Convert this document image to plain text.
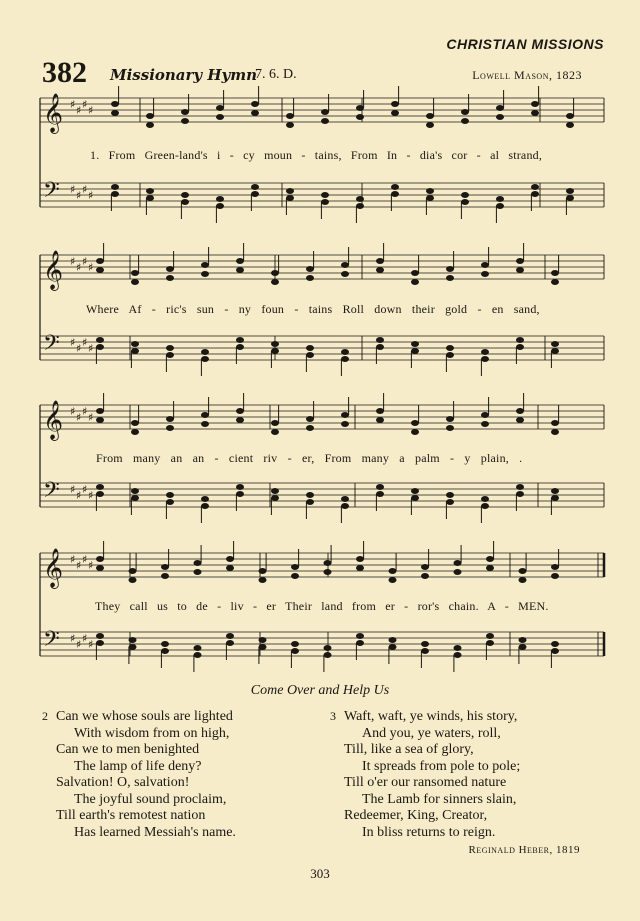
CHRISTIAN MISSIONS
382 Missionary Hymn
7. 6. D.	Lowell Mason, 1823
𝄞 ♯ ♯ ♯ ♯
𝄢 ♯ ♯ ♯ ♯
𝄞 ♯ ♯ ♯ ♯
𝄢 ♯ ♯ ♯ ♯
𝄞 ♯ ♯ ♯ ♯
𝄢 ♯ ♯ ♯ ♯
𝄞 ♯ ♯ ♯ ♯
𝄢 ♯ ♯ ♯ ♯
1. From Green-land's i - cy moun - tains, From In - dia's cor - al strand,
Where Af - ric's sun - ny foun - tains Roll down their gold - en sand,
From many an an - cient riv - er, From many a palm - y plain, .
They call us to de - liv - er Their land from er - ror's chain. A - MEN.
Come Over and Help Us
2 Can we whose souls are lighted
With wisdom from on high,
Can we to men benighted
The lamp of life deny?
Salvation! O, salvation!
The joyful sound proclaim,
Till earth's remotest nation
Has learned Messiah's name.
3 Waft, waft, ye winds, his story,
And you, ye waters, roll,
Till, like a sea of glory,
It spreads from pole to pole;
Till o'er our ransomed nature
The Lamb for sinners slain,
Redeemer, King, Creator,
In bliss returns to reign.
Reginald Heber, 1819
303
